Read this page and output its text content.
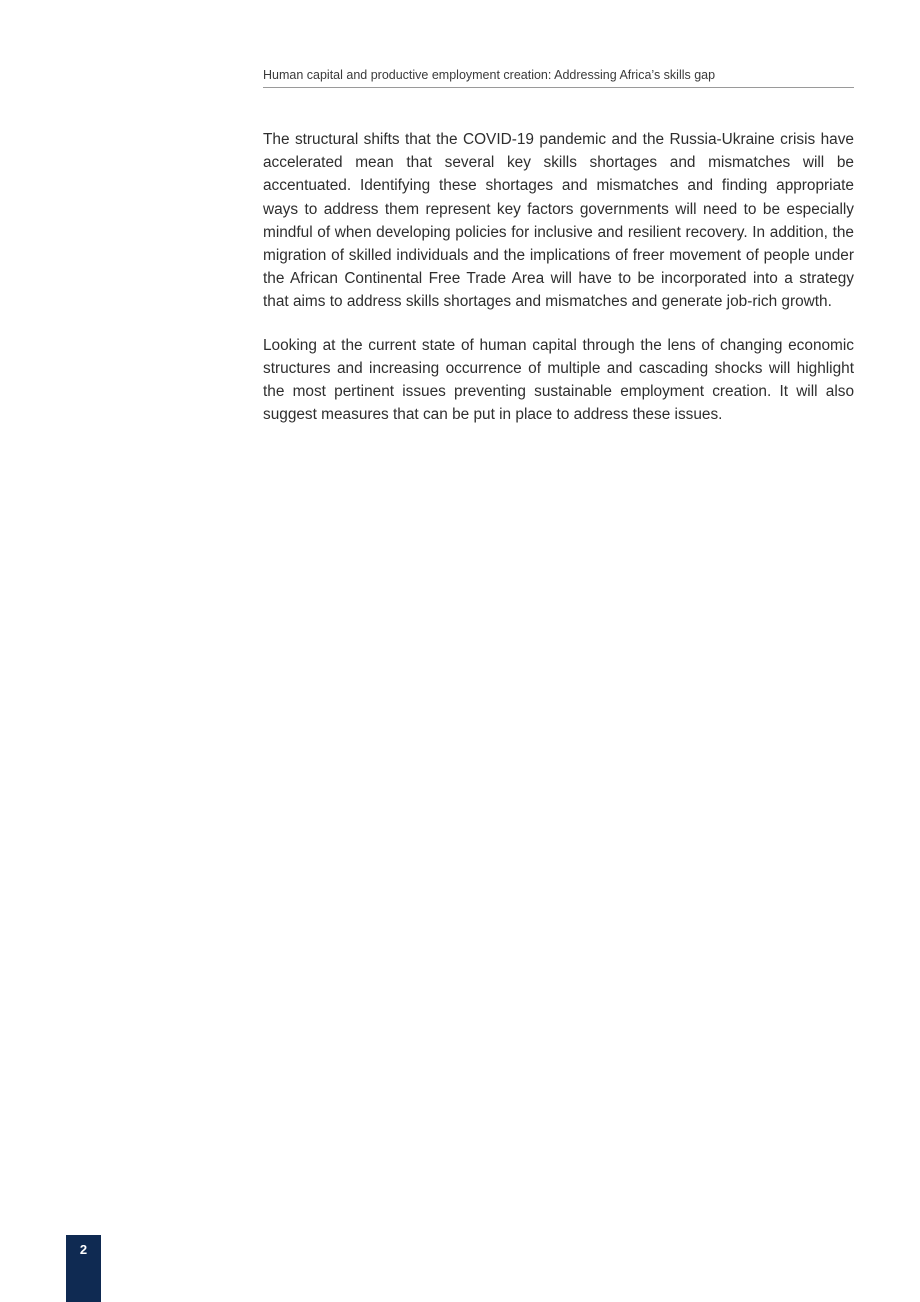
Human capital and productive employment creation: Addressing Africa’s skills gap

The structural shifts that the COVID-19 pandemic and the Russia-Ukraine crisis have accelerated mean that several key skills shortages and mismatches will be accentuated. Identifying these shortages and mismatches and finding appropriate ways to address them represent key factors governments will need to be especially mindful of when developing policies for inclusive and resilient recovery. In addition, the migration of skilled individuals and the implications of freer movement of people under the African Continental Free Trade Area will have to be incorporated into a strategy that aims to address skills shortages and mismatches and generate job-rich growth.

Looking at the current state of human capital through the lens of changing economic structures and increasing occurrence of multiple and cascading shocks will highlight the most pertinent issues preventing sustainable employment creation. It will also suggest measures that can be put in place to address these issues.

2
